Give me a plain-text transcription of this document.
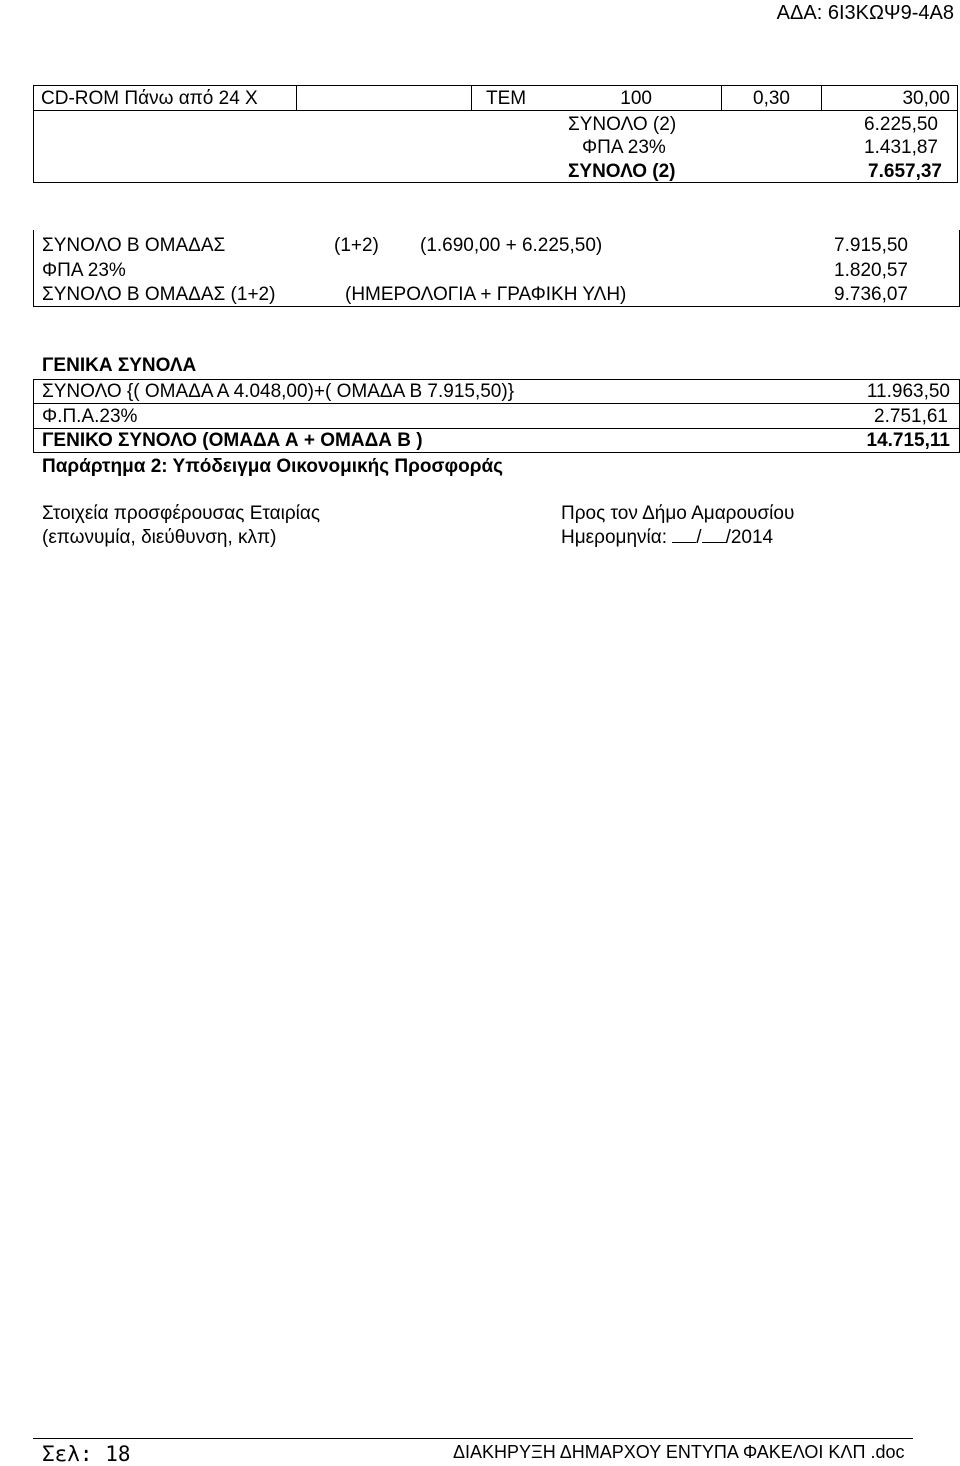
ΑΔΑ: 6Ι3ΚΩΨ9-4Α8
CD-ROM Πάνω από 24 Χ	ΤΕΜ	100	0,30	30,00
ΣΥΝΟΛΟ (2)	6.225,50
ΦΠΑ 23%	1.431,87
ΣΥΝΟΛΟ (2)	7.657,37
ΣΥΝΟΛΟ Β ΟΜΑΔΑΣ	(1+2) (1.690,00 + 6.225,50)	7.915,50
ΦΠΑ 23%	1.820,57
ΣΥΝΟΛΟ Β ΟΜΑΔΑΣ (1+2)	(ΗΜΕΡΟΛΟΓΙΑ + ΓΡΑΦΙΚΗ ΥΛΗ)	9.736,07
ΓΕΝΙΚΑ ΣΥΝΟΛΑ
ΣΥΝΟΛΟ {( ΟΜΑΔΑ Α 4.048,00)+( ΟΜΑΔΑ Β 7.915,50)}	11.963,50
Φ.Π.Α.23%	2.751,61
ΓΕΝΙΚΟ ΣΥΝΟΛΟ (ΟΜΑΔΑ Α + ΟΜΑΔΑ Β )	14.715,11
Παράρτημα 2: Υπόδειγμα Οικονομικής Προσφοράς
Στοιχεία προσφέρουσας Εταιρίας
(επωνυμία, διεύθυνση, κλπ)
Προς τον Δήμο Αμαρουσίου
Ημερομηνία: / /2014
Σελ: 18	ΔΙΑΚΗΡΥΞΗ ΔΗΜΑΡΧΟΥ ΕΝΤΥΠΑ ΦΑΚΕΛΟΙ ΚΛΠ .doc
